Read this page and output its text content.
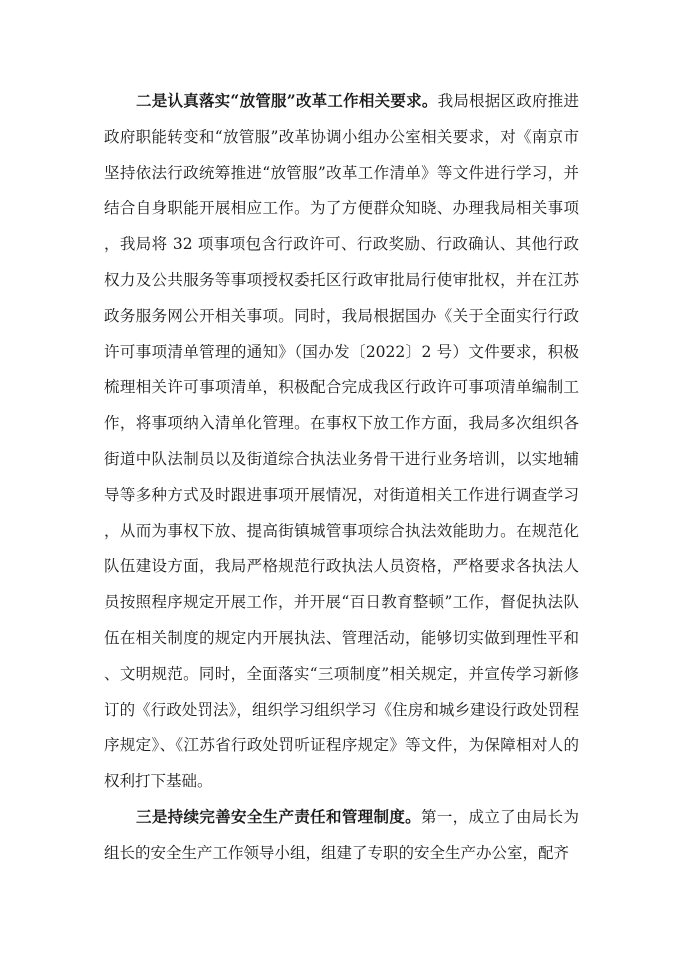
二是认真落实“放管服”改革工作相关要求。我局根据区政府推进政府职能转变和“放管服”改革协调小组办公室相关要求，对《南京市坚持依法行政统筹推进“放管服”改革工作清单》等文件进行学习，并结合自身职能开展相应工作。为了方便群众知晓、办理我局相关事项，我局将 32 项事项包含行政许可、行政奖励、行政确认、其他行政权力及公共服务等事项授权委托区行政审批局行使审批权，并在江苏政务服务网公开相关事项。同时，我局根据国办《关于全面实行行政许可事项清单管理的通知》（国办发〔2022〕2 号）文件要求，积极梳理相关许可事项清单，积极配合完成我区行政许可事项清单编制工作，将事项纳入清单化管理。在事权下放工作方面，我局多次组织各街道中队法制员以及街道综合执法业务骨干进行业务培训，以实地辅导等多种方式及时跟进事项开展情况，对街道相关工作进行调查学习，从而为事权下放、提高街镇城管事项综合执法效能助力。在规范化队伍建设方面，我局严格规范行政执法人员资格，严格要求各执法人员按照程序规定开展工作，并开展“百日教育整顿”工作，督促执法队伍在相关制度的规定内开展执法、管理活动，能够切实做到理性平和、文明规范。同时，全面落实“三项制度”相关规定，并宣传学习新修订的《行政处罚法》，组织学习组织学习《住房和城乡建设行政处罚程序规定》、《江苏省行政处罚听证程序规定》等文件，为保障相对人的权利打下基础。

三是持续完善安全生产责任和管理制度。第一，成立了由局长为组长的安全生产工作领导小组，组建了专职的安全生产办公室，配齐
